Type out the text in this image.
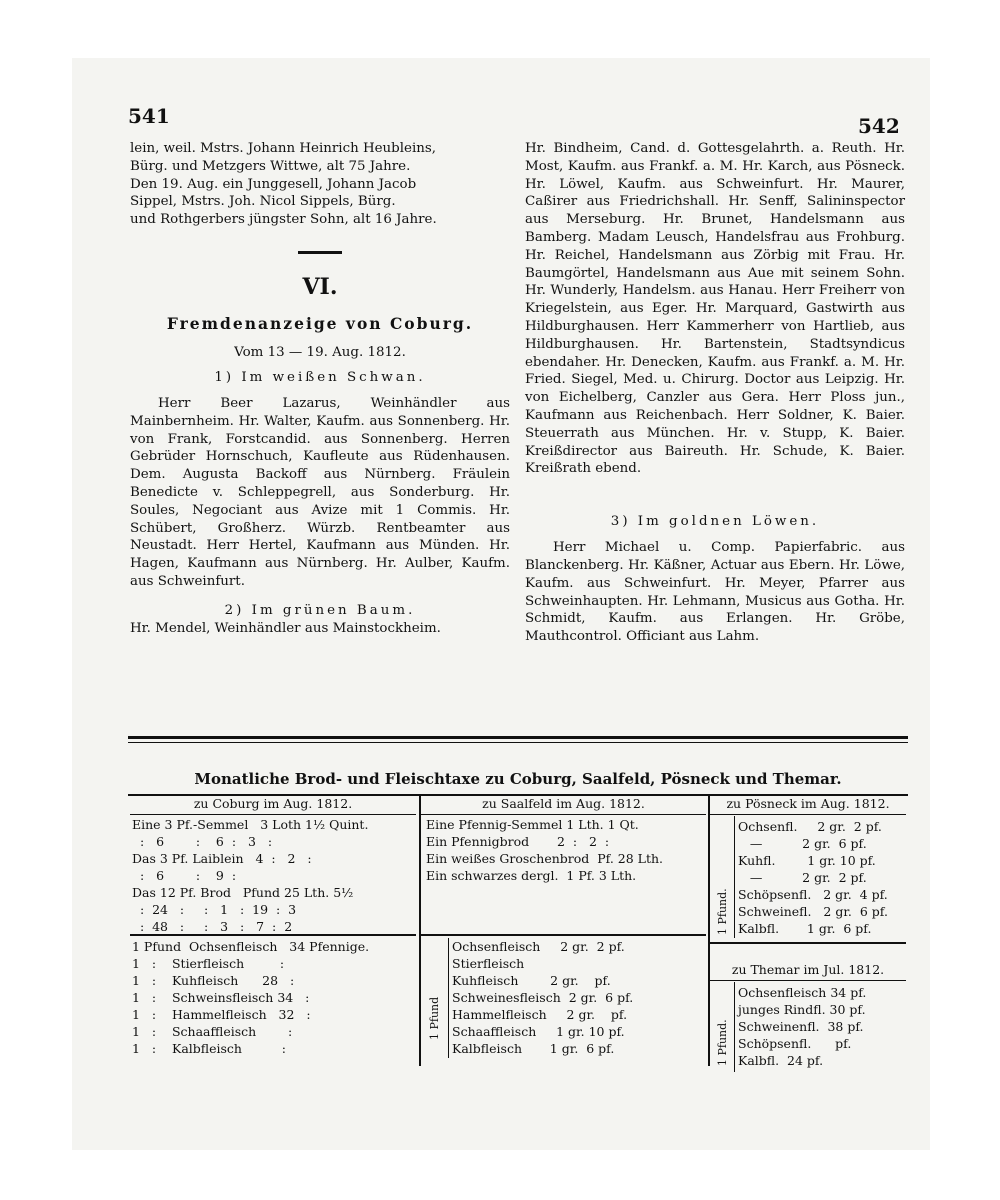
541	542

lein, weil. Mstrs. Johann Heinrich Heubleins,

Bürg. und Metzgers Wittwe, alt 75 Jahre.

Den 19. Aug. ein Junggesell, Johann Jacob

Sippel, Mstrs. Joh. Nicol Sippels, Bürg.

und Rothgerbers jüngster Sohn, alt 16 Jahre.

VI.

Fremdenanzeige von Coburg.

Vom 13 — 19. Aug. 1812.

1) Im weißen Schwan.

Herr Beer Lazarus, Weinhändler aus Mainbernheim. Hr. Walter, Kaufm. aus Sonnenberg. Hr. von Frank, Forstcandid. aus Sonnenberg. Herren Gebrüder Hornschuch, Kaufleute aus Rüdenhausen. Dem. Augusta Backoff aus Nürnberg. Fräulein Benedicte v. Schleppegrell, aus Sonderburg. Hr. Soules, Negociant aus Avize mit 1 Commis. Hr. Schübert, Großherz. Würzb. Rentbeamter aus Neustadt. Herr Hertel, Kaufmann aus Münden. Hr. Hagen, Kaufmann aus Nürnberg. Hr. Aulber, Kaufm. aus Schweinfurt.

2) Im grünen Baum.

Hr. Mendel, Weinhändler aus Mainstockheim.

Hr. Bindheim, Cand. d. Gottesgelahrth. a. Reuth. Hr. Most, Kaufm. aus Frankf. a. M. Hr. Karch, aus Pösneck. Hr. Löwel, Kaufm. aus Schweinfurt. Hr. Maurer, Caßirer aus Friedrichshall. Hr. Senff, Salininspector aus Merseburg. Hr. Brunet, Handelsmann aus Bamberg. Madam Leusch, Handelsfrau aus Frohburg. Hr. Reichel, Handelsmann aus Zörbig mit Frau. Hr. Baumgörtel, Handelsmann aus Aue mit seinem Sohn. Hr. Wunderly, Handelsm. aus Hanau. Herr Freiherr von Kriegelstein, aus Eger. Hr. Marquard, Gastwirth aus Hildburghausen. Herr Kammerherr von Hartlieb, aus Hildburghausen. Hr. Bartenstein, Stadtsyndicus ebendaher. Hr. Denecken, Kaufm. aus Frankf. a. M. Hr. Fried. Siegel, Med. u. Chirurg. Doctor aus Leipzig. Hr. von Eichelberg, Canzler aus Gera. Herr Ploss jun., Kaufmann aus Reichenbach. Herr Soldner, K. Baier. Steuerrath aus München. Hr. v. Stupp, K. Baier. Kreißdirector aus Baireuth. Hr. Schude, K. Baier. Kreißrath ebend.

3) Im goldnen Löwen.

Herr Michael u. Comp. Papierfabric. aus Blanckenberg. Hr. Käßner, Actuar aus Ebern. Hr. Löwe, Kaufm. aus Schweinfurt. Hr. Meyer, Pfarrer aus Schweinhaupten. Hr. Lehmann, Musicus aus Gotha. Hr. Schmidt, Kaufm. aus Erlangen. Hr. Gröbe, Mauthcontrol. Officiant aus Lahm.

Monatliche Brod- und Fleischtaxe zu Coburg, Saalfeld, Pösneck und Themar.
zu Coburg im Aug. 1812.
Eine 3 Pf.-Semmel   3 Loth 1½ Quint.
:   6        :    6  :   3   :
Das 3 Pf. Laiblein   4  :   2   :
:   6        :    9  :
Das 12 Pf. Brod   Pfund 25 Lth. 5½
:  24   :     :   1   :  19  :  3
:  48   :     :   3   :   7  :  2
1 Pfund  Ochsenfleisch   34 Pfennige.
1   :    Stierfleisch         :
1   :    Kuhfleisch      28   :
1   :    Schweinsfleisch 34   :
1   :    Hammelfleisch   32   :
1   :    Schaaffleisch        :
1   :    Kalbfleisch          :
zu Saalfeld im Aug. 1812.
Eine Pfennig-Semmel 1 Lth. 1 Qt.
Ein Pfennigbrod       2  :   2  :
Ein weißes Groschenbrod  Pf. 28 Lth.
Ein schwarzes dergl.  1 Pf. 3 Lth.
1 Pfund
Ochsenfleisch     2 gr.  2 pf.
Stierfleisch
Kuhfleisch        2 gr.    pf.
Schweinesfleisch  2 gr.  6 pf.
Hammelfleisch     2 gr.    pf.
Schaaffleisch     1 gr. 10 pf.
Kalbfleisch       1 gr.  6 pf.
zu Pösneck im Aug. 1812.
1 Pfund.
Ochsenfl.     2 gr.  2 pf.
—          2 gr.  6 pf.
Kuhfl.        1 gr. 10 pf.
—          2 gr.  2 pf.
Schöpsenfl.   2 gr.  4 pf.
Schweinefl.   2 gr.  6 pf.
Kalbfl.       1 gr.  6 pf.
zu Themar im Jul. 1812.
1 Pfund.
Ochsenfleisch 34 pf.
junges Rindfl. 30 pf.
Schweinenfl.  38 pf.
Schöpsenfl.      pf.
Kalbfl.  24 pf.
